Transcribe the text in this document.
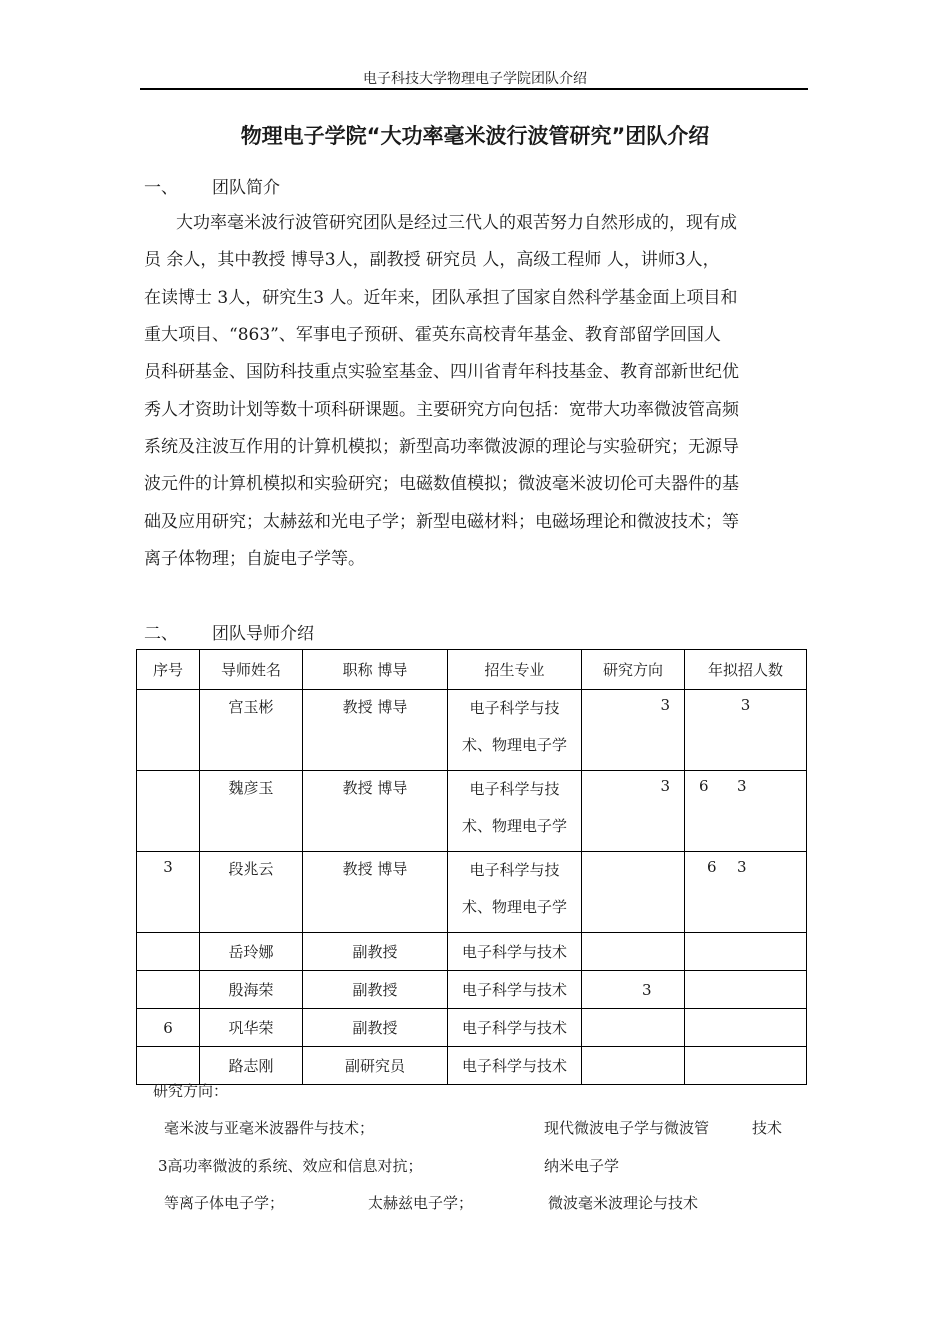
电子科技大学物理电子学院团队介绍
物理电子学院“大功率毫米波行波管研究”团队介绍
一、 团队简介
大功率毫米波行波管研究团队是经过三代人的艰苦努力自然形成的，现有成
员 余人，其中教授 博导3人，副教授 研究员 人，高级工程师 人，讲师3人，
在读博士 3人，研究生3 人。近年来，团队承担了国家自然科学基金面上项目和
重大项目、“863”、军事电子预研、霍英东高校青年基金、教育部留学回国人
员科研基金、国防科技重点实验室基金、四川省青年科技基金、教育部新世纪优
秀人才资助计划等数十项科研课题。主要研究方向包括：宽带大功率微波管高频
系统及注波互作用的计算机模拟；新型高功率微波源的理论与实验研究；无源导
波元件的计算机模拟和实验研究；电磁数值模拟；微波毫米波切伦可夫器件的基
础及应用研究；太赫兹和光电子学；新型电磁材料；电磁场理论和微波技术；等
离子体物理；自旋电子学等。
二、 团队导师介绍
序号	导师姓名	职称 博导	招生专业	研究方向	年拟招人数
	宫玉彬	教授 博导	电子科学与技
术、物理电子学	3	3
	魏彦玉	教授 博导	电子科学与技
术、物理电子学	3	6 3
3	段兆云	教授 博导	电子科学与技
术、物理电子学		6 3
	岳玲娜	副教授	电子科学与技术		
	殷海荣	副教授	电子科学与技术	3	
6	巩华荣	副教授	电子科学与技术		
	路志刚	副研究员	电子科学与技术		
研究方向：
毫米波与亚毫米波器件与技术；	现代微波电子学与微波管	技术
3高功率微波的系统、效应和信息对抗；	纳米电子学
等离子体电子学；	太赫兹电子学；	微波毫米波理论与技术
